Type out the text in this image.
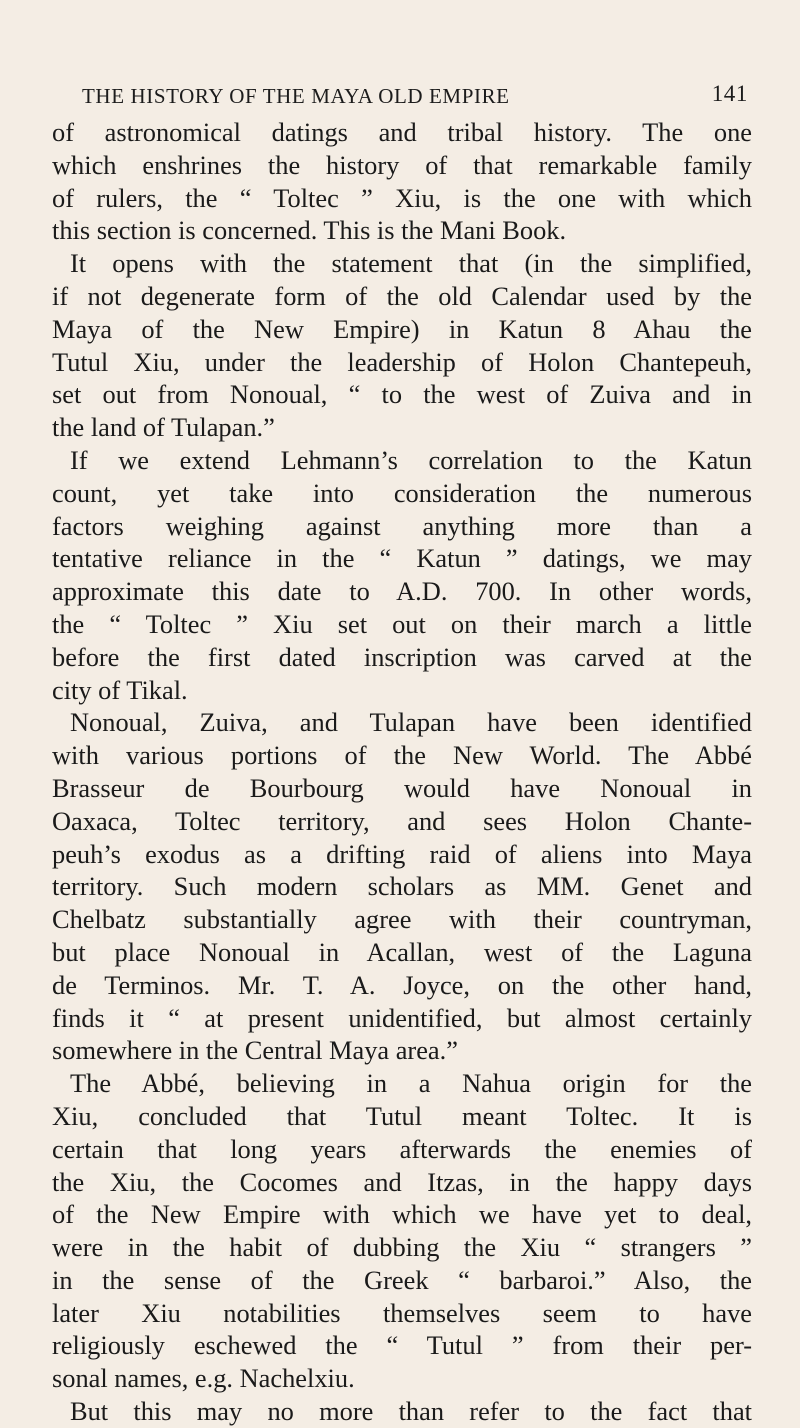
THE HISTORY OF THE MAYA OLD EMPIRE	141
of astronomical datings and tribal history. The one
which enshrines the history of that remarkable family
of rulers, the “ Toltec ” Xiu, is the one with which
this section is concerned. This is the Mani Book.
It opens with the statement that (in the simplified,
if not degenerate form of the old Calendar used by the
Maya of the New Empire) in Katun 8 Ahau the
Tutul Xiu, under the leadership of Holon Chantepeuh,
set out from Nonoual, “ to the west of Zuiva and in
the land of Tulapan.”
If we extend Lehmann’s correlation to the Katun
count, yet take into consideration the numerous
factors weighing against anything more than a
tentative reliance in the “ Katun ” datings, we may
approximate this date to A.D. 700. In other words,
the “ Toltec ” Xiu set out on their march a little
before the first dated inscription was carved at the
city of Tikal.
Nonoual, Zuiva, and Tulapan have been identified
with various portions of the New World. The Abbé
Brasseur de Bourbourg would have Nonoual in
Oaxaca, Toltec territory, and sees Holon Chante-
peuh’s exodus as a drifting raid of aliens into Maya
territory. Such modern scholars as MM. Genet and
Chelbatz substantially agree with their countryman,
but place Nonoual in Acallan, west of the Laguna
de Terminos. Mr. T. A. Joyce, on the other hand,
finds it “ at present unidentified, but almost certainly
somewhere in the Central Maya area.”
The Abbé, believing in a Nahua origin for the
Xiu, concluded that Tutul meant Toltec. It is
certain that long years afterwards the enemies of
the Xiu, the Cocomes and Itzas, in the happy days
of the New Empire with which we have yet to deal,
were in the habit of dubbing the Xiu “ strangers ”
in the sense of the Greek “ barbaroi.” Also, the
later Xiu notabilities themselves seem to have
religiously eschewed the “ Tutul ” from their per-
sonal names, e.g. Nachelxiu.
But this may no more than refer to the fact that
